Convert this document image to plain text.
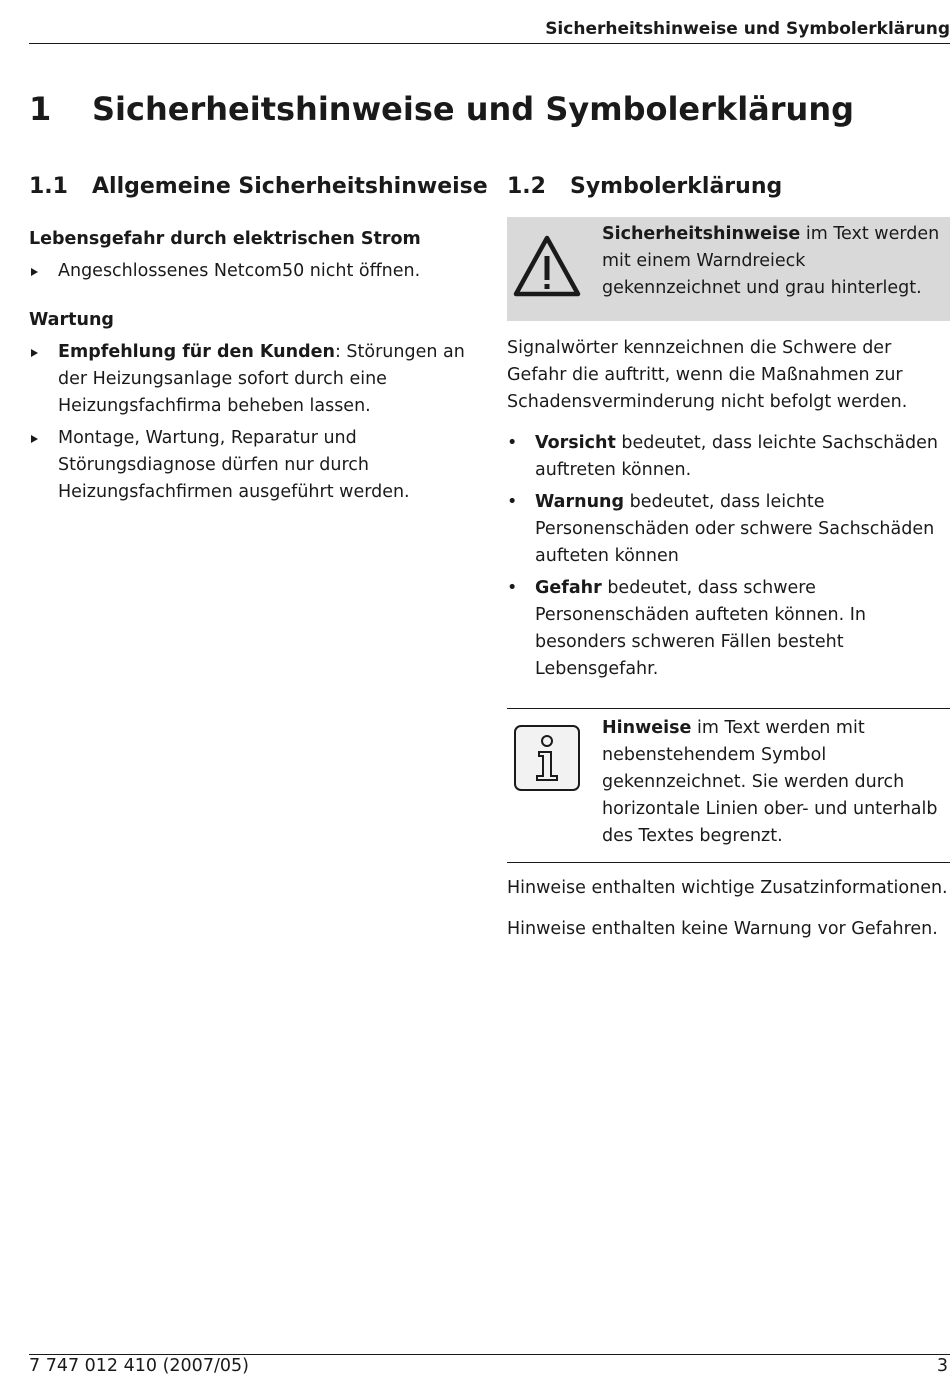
Sicherheitshinweise und Symbolerklärung
1 Sicherheitshinweise und Symbolerklärung
1.1 Allgemeine Sicherheitshinweise
Lebensgefahr durch elektrischen Strom
Angeschlossenes Netcom50 nicht öffnen.
Wartung
Empfehlung für den Kunden: Störungen an der Heizungsanlage sofort durch eine Heizungsfachfirma beheben lassen.
Montage, Wartung, Reparatur und Störungsdiagnose dürfen nur durch Heizungsfachfirmen ausgeführt werden.
1.2 Symbolerklärung
Sicherheitshinweise im Text werden mit einem Warndreieck gekennzeichnet und grau hinterlegt.

Signalwörter kennzeichnen die Schwere der Gefahr die auftritt, wenn die Maßnahmen zur Schadensverminderung nicht befolgt werden.

• Vorsicht bedeutet, dass leichte Sachschäden auftreten können.
• Warnung bedeutet, dass leichte Personenschäden oder schwere Sachschäden aufteten können
• Gefahr bedeutet, dass schwere Personenschäden aufteten können. In besonders schweren Fällen besteht Lebensgefahr.
Hinweise im Text werden mit nebenstehendem Symbol gekennzeichnet. Sie werden durch horizontale Linien ober- und unterhalb des Textes begrenzt.

Hinweise enthalten wichtige Zusatzinformationen.

Hinweise enthalten keine Warnung vor Gefahren.

7 747 012 410 (2007/05)	3
